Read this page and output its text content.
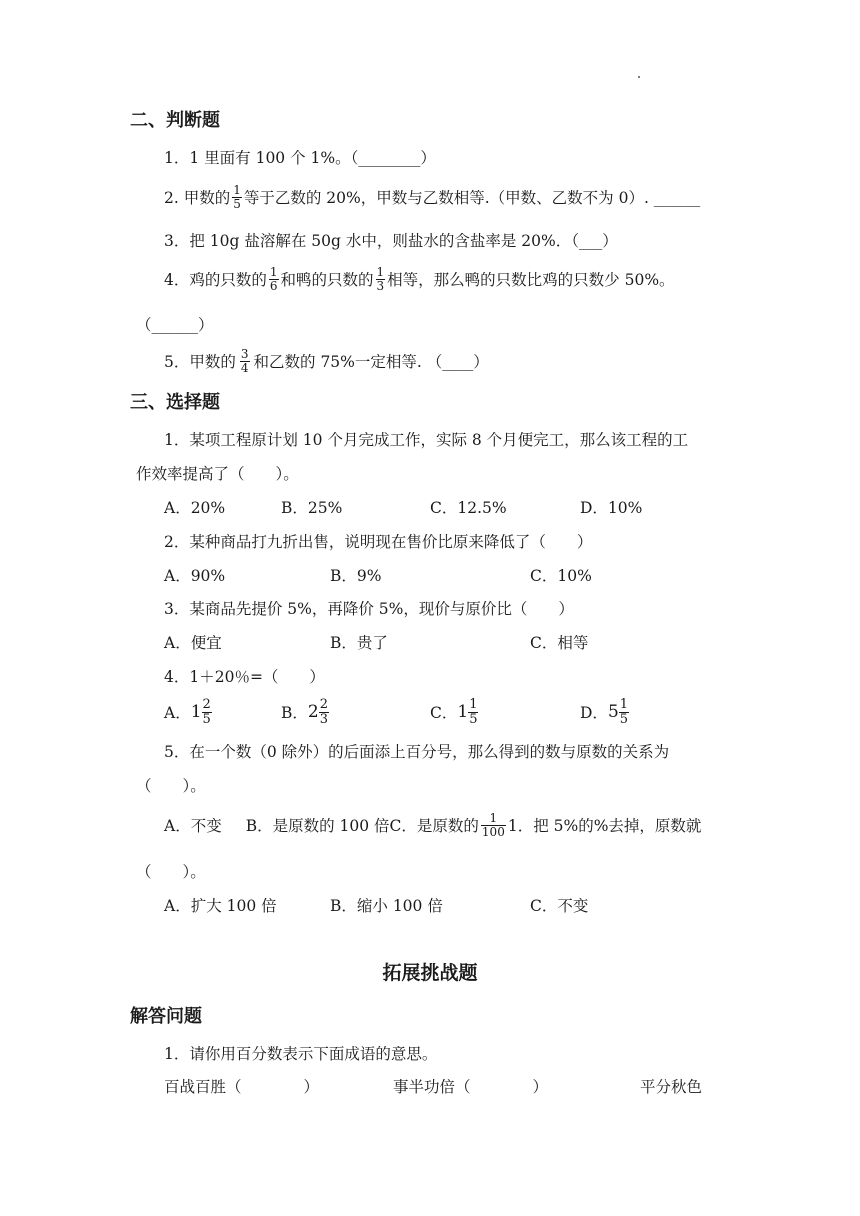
二、判断题
1．1 里面有 100 个 1%。（________）
2. 甲数的 $\frac{1}{5}$ 等于乙数的 20%，甲数与乙数相等.（甲数、乙数不为 0）. ______
3．把 10g 盐溶解在 50g 水中，则盐水的含盐率是 20%．（___）
4．鸡的只数的 $\frac{1}{6}$ 和鸭的只数的 $\frac{1}{3}$ 相等，那么鸭的只数比鸡的只数少 50%。
（______）
5．甲数的 $\frac{3}{4}$ 和乙数的 75%一定相等. （____）
三、选择题
1．某项工程原计划 10 个月完成工作，实际 8 个月便完工，那么该工程的工
作效率提高了（　　）。
A．20%	B．25%	C．12.5%	D．10%
2．某种商品打九折出售，说明现在售价比原来降低了（　　）
A．90%	B．9%	C．10%
3．某商品先提价 5%，再降价 5%，现价与原价比（　　）
A．便宜	B．贵了	C．相等
4．1＋20％=（　　）
A． $1 \frac{2}{5}$	B． $2 \frac{2}{3}$	C． $1 \frac{1}{5}$	D． $5 \frac{1}{5}$
5．在一个数（0 除外）的后面添上百分号，那么得到的数与原数的关系为
（　　）。
A．不变 B．是原数的 100 倍 C．是原数的 $\frac{1}{100} 1$．把 5%的%去掉，原数就
（　　）。
A．扩大 100 倍	B．缩小 100 倍	C．不变
拓展挑战题
解答问题
1．请你用百分数表示下面成语的意思。
百战百胜（　　　　）	事半功倍（　　　　）	平分秋色
